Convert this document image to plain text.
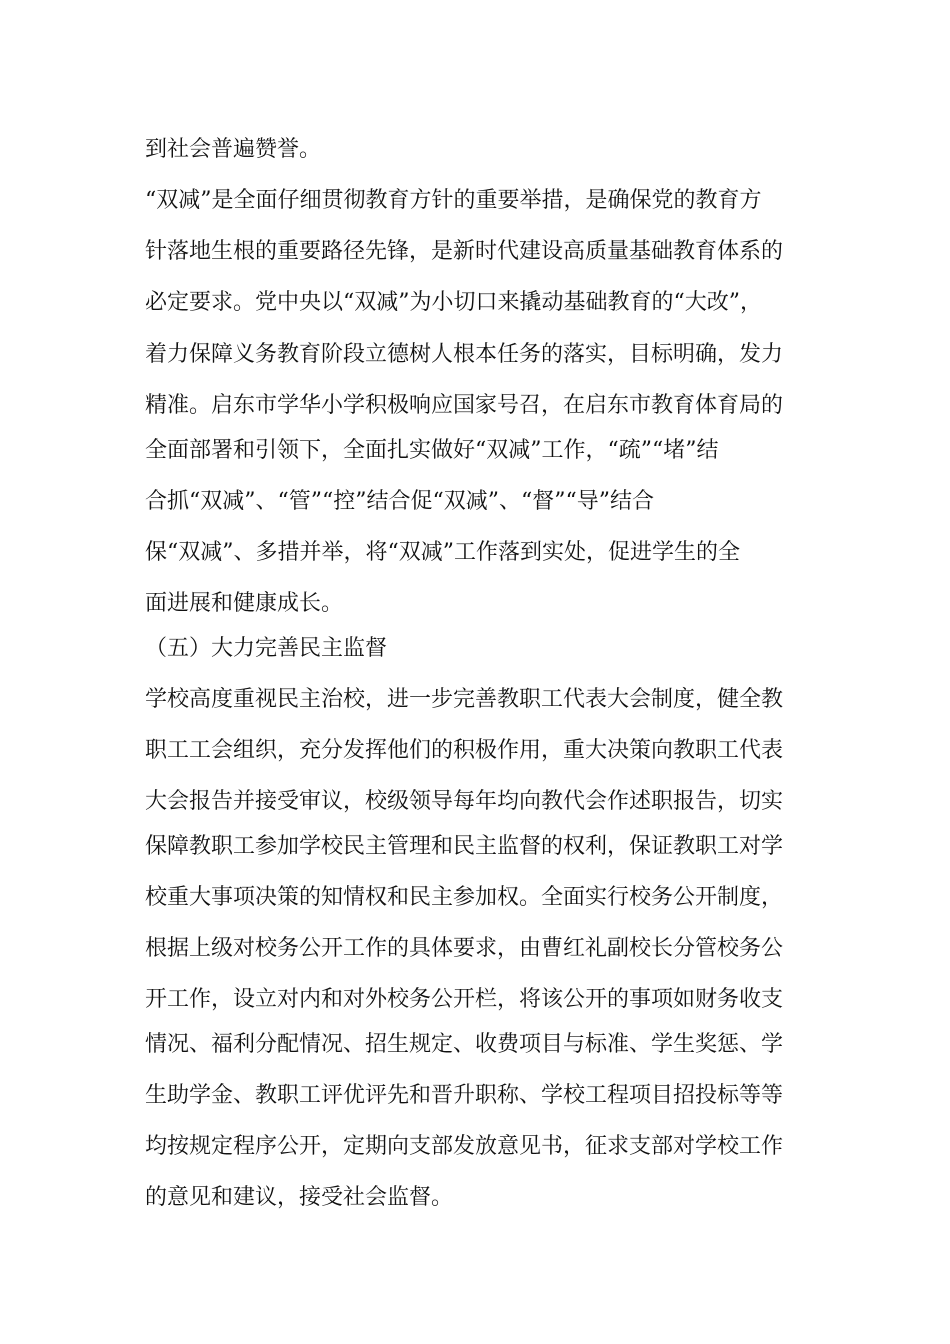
到社会普遍赞誉。

“双减”是全面仔细贯彻教育方针的重要举措，是确保党的教育方

针落地生根的重要路径先锋，是新时代建设高质量基础教育体系的

必定要求。党中央以“双减”为小切口来撬动基础教育的“大改”，

着力保障义务教育阶段立德树人根本任务的落实，目标明确，发力

精准。启东市学华小学积极响应国家号召，在启东市教育体育局的

全面部署和引领下，全面扎实做好“双减”工作，“疏”“堵”结

合抓“双减”、“管”“控”结合促“双减”、“督”“导”结合

保“双减”、多措并举，将“双减”工作落到实处，促进学生的全

面进展和健康成长。

（五）大力完善民主监督

学校高度重视民主治校，进一步完善教职工代表大会制度，健全教

职工工会组织，充分发挥他们的积极作用，重大决策向教职工代表

大会报告并接受审议，校级领导每年均向教代会作述职报告，切实

保障教职工参加学校民主管理和民主监督的权利，保证教职工对学

校重大事项决策的知情权和民主参加权。全面实行校务公开制度，

根据上级对校务公开工作的具体要求，由曹红礼副校长分管校务公

开工作，设立对内和对外校务公开栏，将该公开的事项如财务收支

情况、福利分配情况、招生规定、收费项目与标准、学生奖惩、学

生助学金、教职工评优评先和晋升职称、学校工程项目招投标等等

均按规定程序公开，定期向支部发放意见书，征求支部对学校工作

的意见和建议，接受社会监督。
